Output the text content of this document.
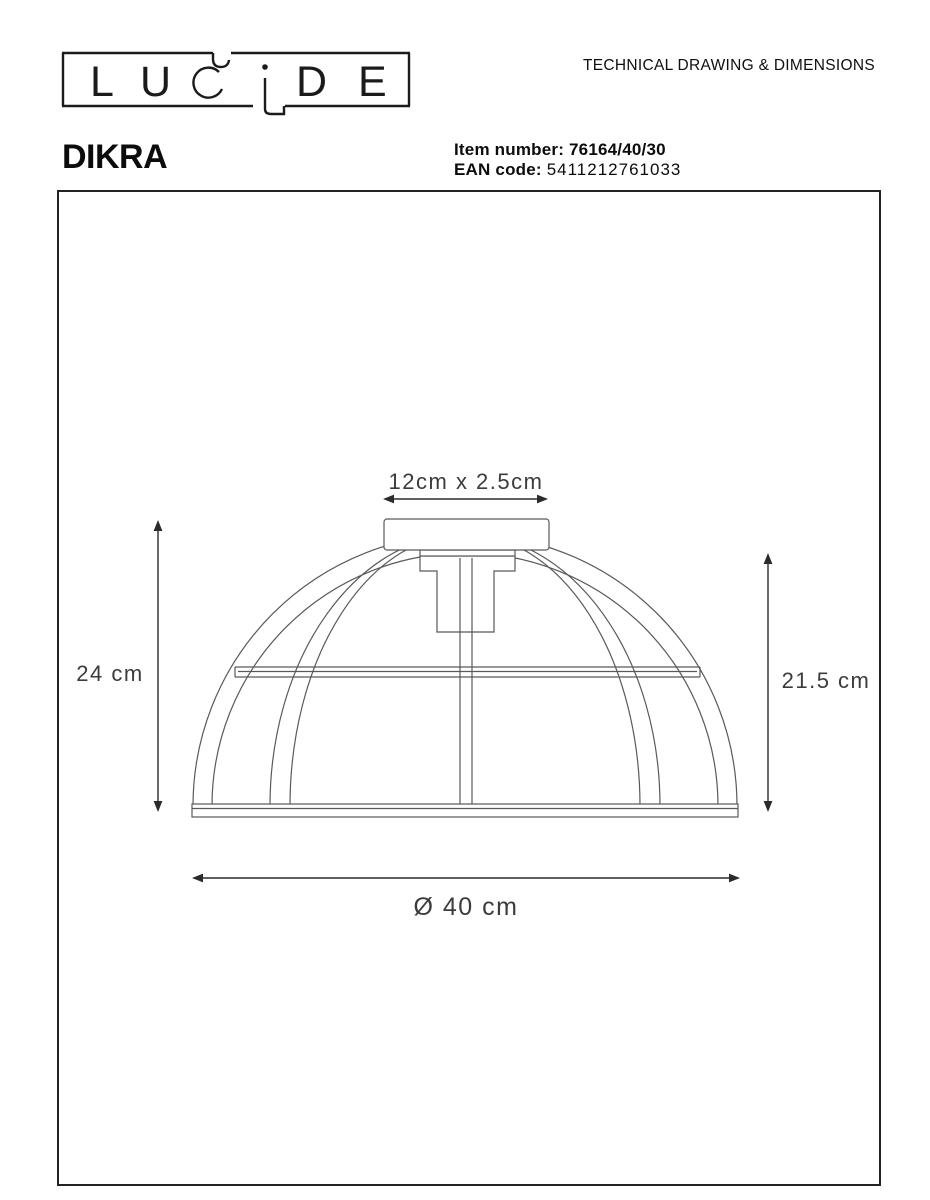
TECHNICAL DRAWING & DIMENSIONS
DIKRA	Item number: 76164/40/30
EAN code: 5411212761033
L U	D E
12cm x 2.5cm
24 cm	21.5 cm
Ø 40 cm
